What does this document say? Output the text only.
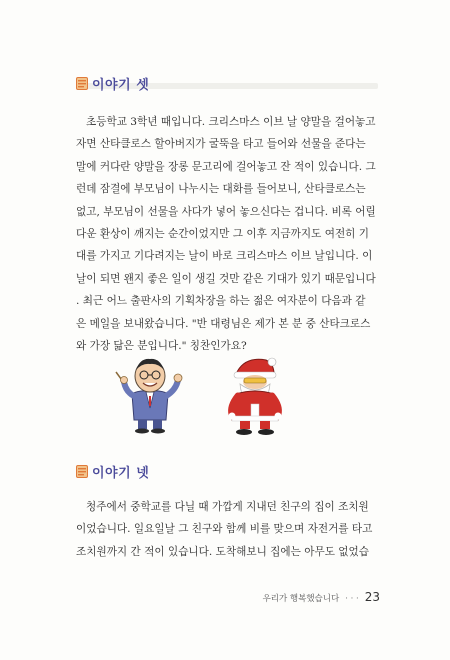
이야기 셋

초등학교 3학년 때입니다. 크리스마스 이브 날 양말을 걸어놓고
자면 산타클로스 할아버지가 굴뚝을 타고 들어와 선물을 준다는
말에 커다란 양말을 장롱 문고리에 걸어놓고 잔 적이 있습니다. 그
런데 잠결에 부모님이 나누시는 대화를 들어보니, 산타클로스는
없고, 부모님이 선물을 사다가 넣어 놓으신다는 겁니다. 비록 어릴
다운 환상이 깨지는 순간이었지만 그 이후 지금까지도 여전히 기
대를 가지고 기다려지는 날이 바로 크리스마스 이브 날입니다. 이
날이 되면 왠지 좋은 일이 생길 것만 같은 기대가 있기 때문입니다
. 최근 어느 출판사의 기획차장을 하는 젊은 여자분이 다음과 같
은 메일을 보내왔습니다. "반 대령님은 제가 본 분 중 산타크로스
와 가장 닮은 분입니다." 칭찬인가요?

이야기 넷

청주에서 중학교를 다닐 때 가깝게 지내던 친구의 집이 조치원
이었습니다. 일요일날 그 친구와 함께 비를 맞으며 자전거를 타고
조치원까지 간 적이 있습니다. 도착해보니 집에는 아무도 없었습

우리가 행복했습니다 · · · 23
